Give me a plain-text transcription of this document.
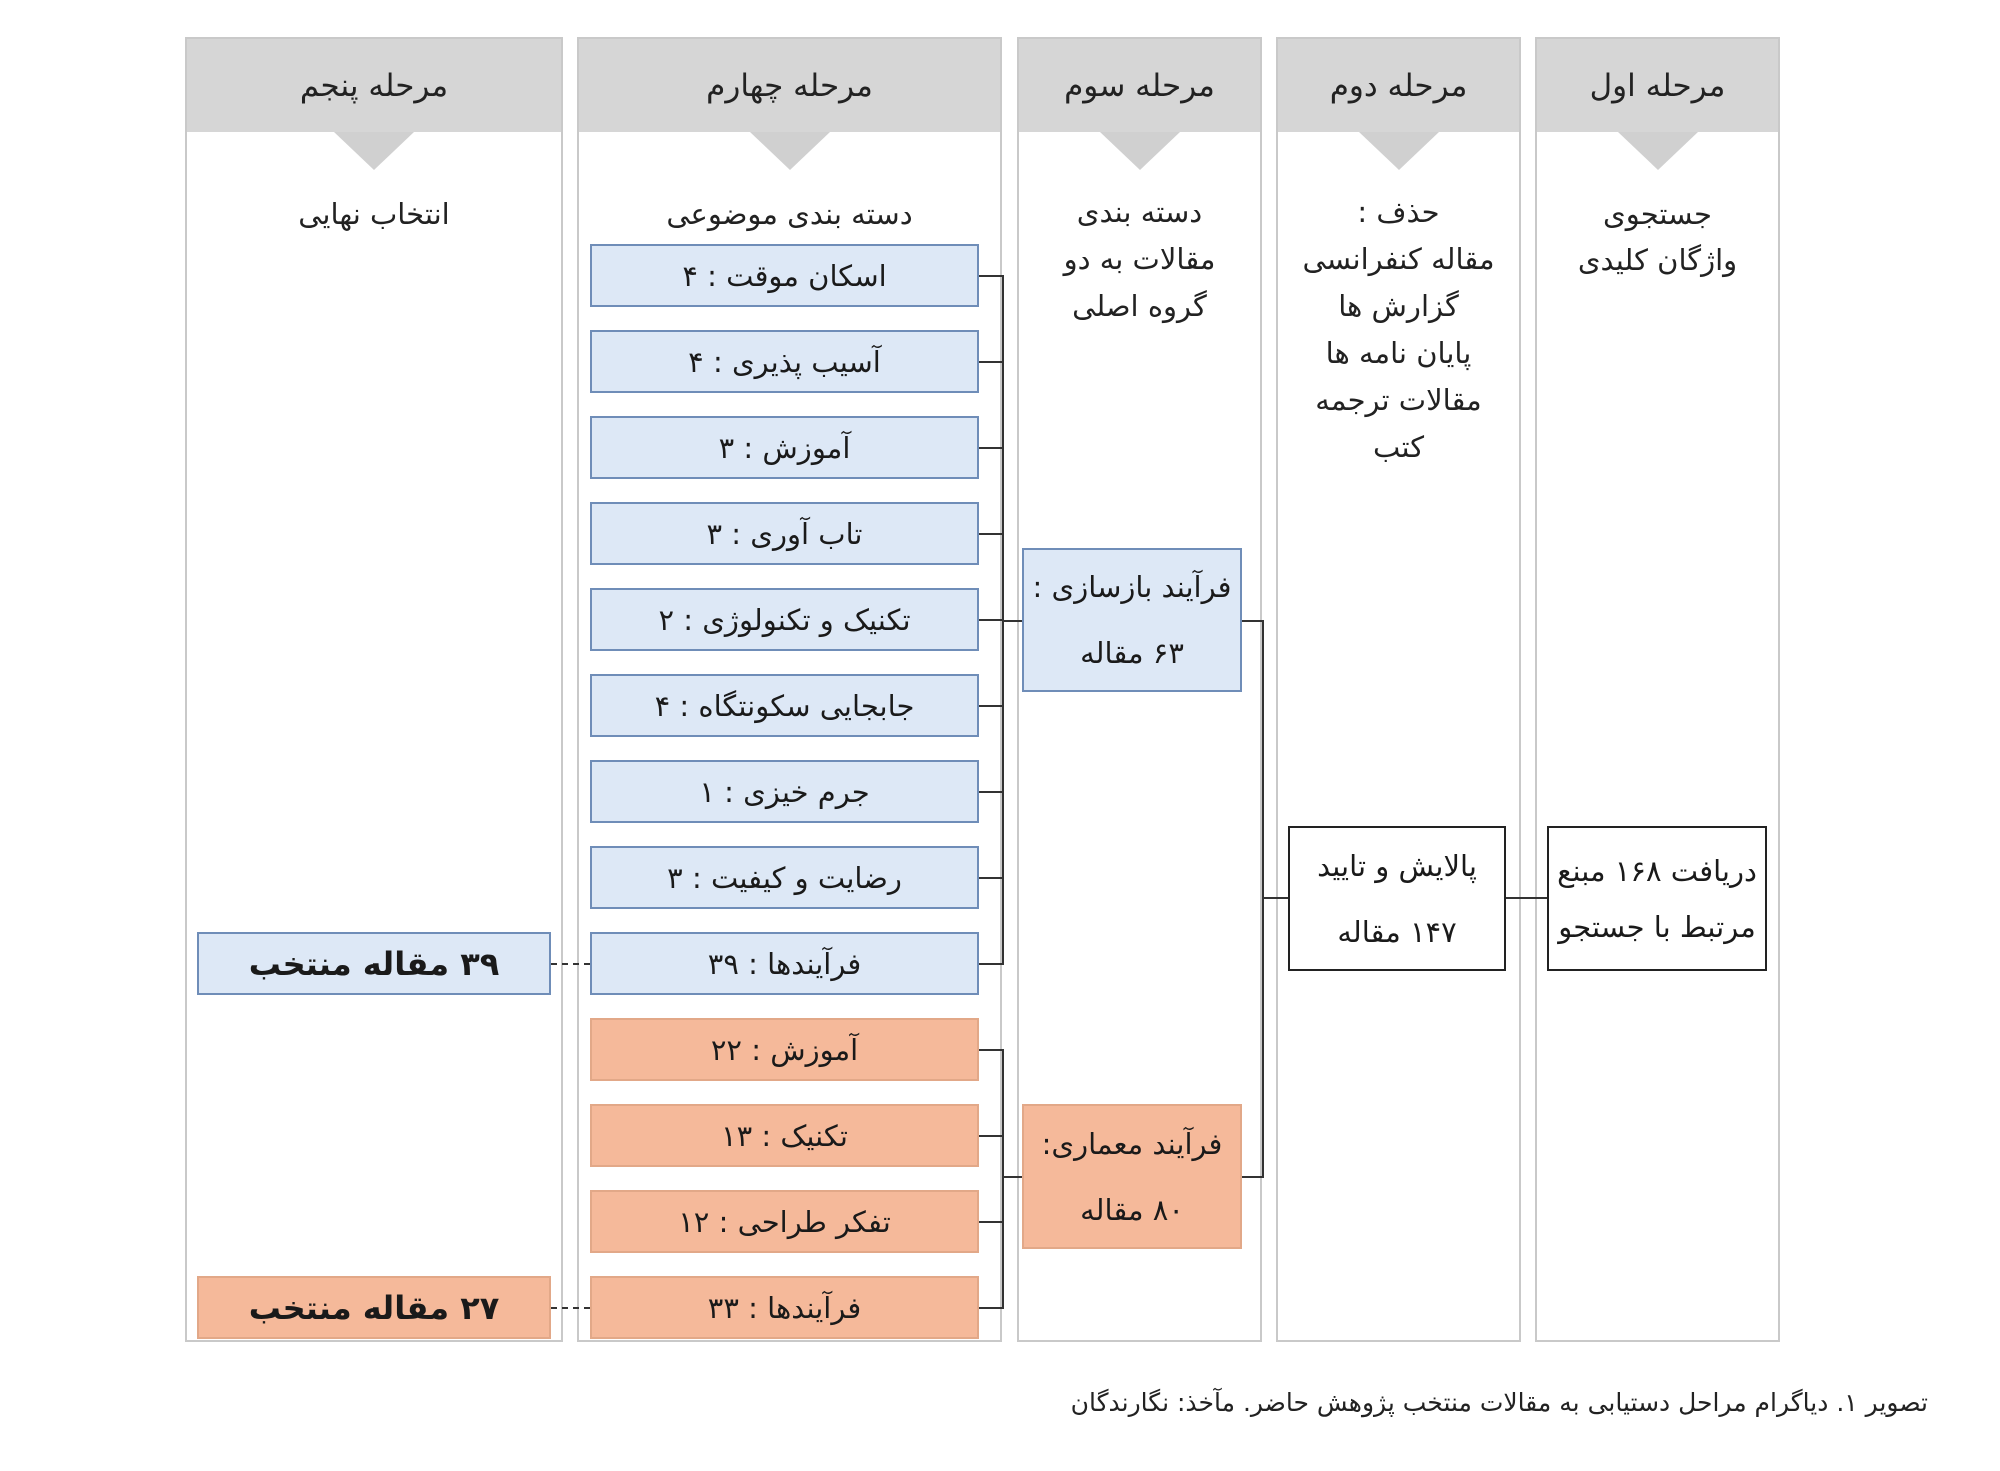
مرحله اول
جستجوی
واژگان کلیدی
مرحله دوم
حذف :
مقاله کنفرانسی
گزارش ها
پایان نامه ها
مقالات ترجمه
کتب
مرحله سوم
دسته بندی
مقالات به دو
گروه اصلی
مرحله چهارم
دسته بندی موضوعی
مرحله پنجم
انتخاب نهایی
دریافت ۱۶۸ مبنع
مرتبط با جستجو
پالایش و تایید
۱۴۷ مقاله
فرآیند بازسازی :
۶۳ مقاله
فرآیند معماری:
۸۰ مقاله
اسکان موقت : ۴
آسیب پذیری : ۴
آموزش : ۳
تاب آوری : ۳
تکنیک و تکنولوژی : ۲
جابجایی سکونتگاه : ۴
جرم خیزی : ۱
رضایت و کیفیت : ۳
فرآیندها : ۳۹
آموزش : ۲۲
تکنیک : ۱۳
تفکر طراحی : ۱۲
فرآیندها : ۳۳
۳۹ مقاله منتخب
۲۷ مقاله منتخب
تصویر ۱. دیاگرام مراحل دستیابی به مقالات منتخب پژوهش حاضر. مآخذ: نگارندگان
